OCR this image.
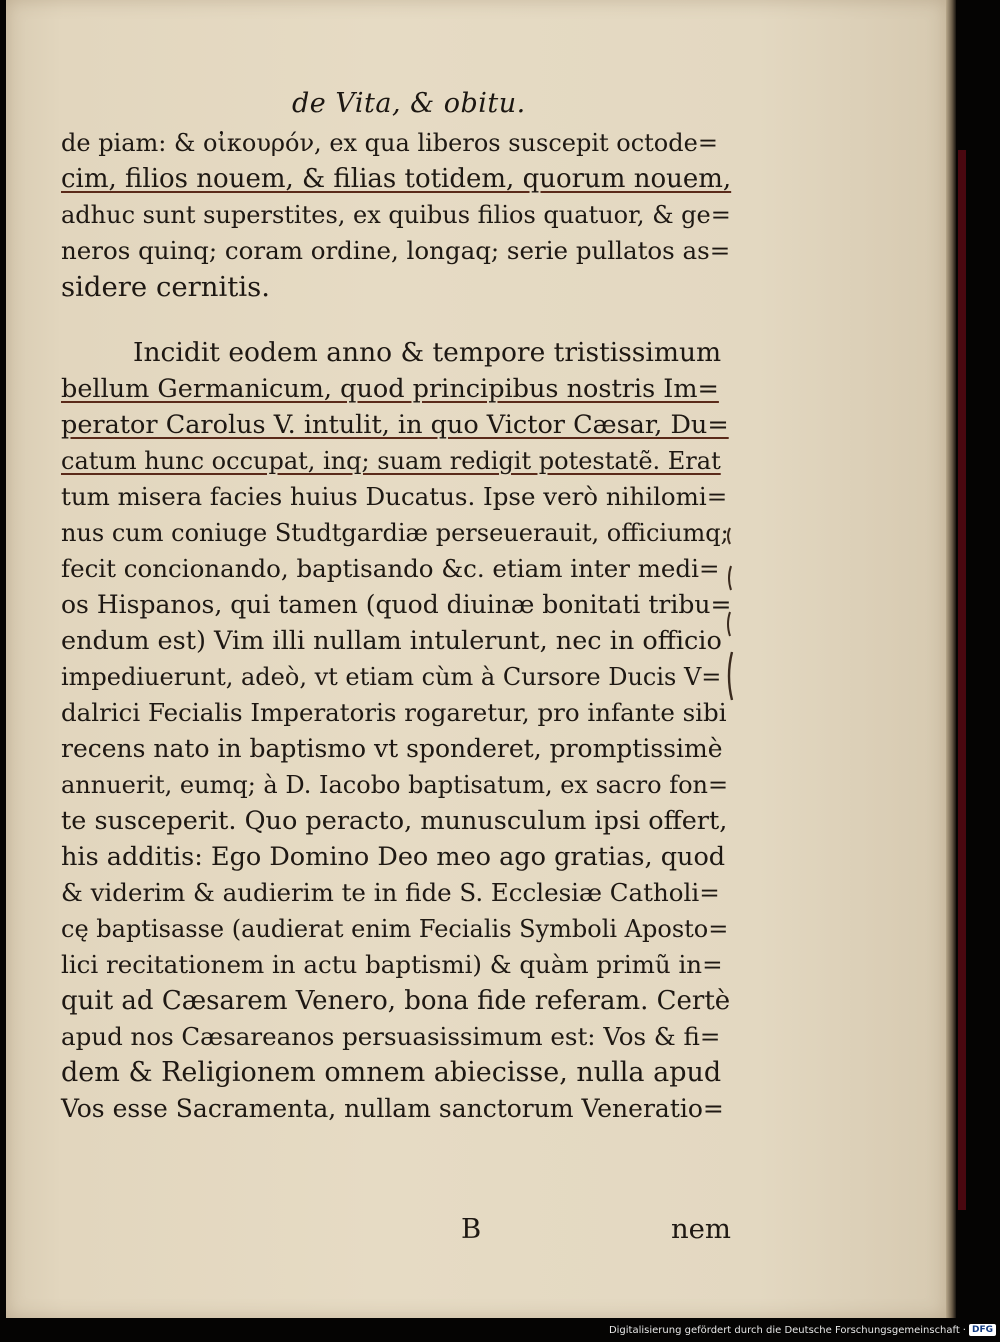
de Vita, & obitu.
de piam: & οἰκουρόν, ex qua liberos suscepit octode=
cim, filios nouem, & filias totidem, quorum nouem,
adhuc sunt superstites, ex quibus filios quatuor, & ge=
neros quinq; coram ordine, longaq; serie pullatos as=
sidere cernitis.
Incidit eodem anno & tempore tristissimum
bellum Germanicum, quod principibus nostris Im=
perator Carolus V. intulit, in quo Victor Cæsar, Du=
catum hunc occupat, inq; suam redigit potestatẽ. Erat
tum misera facies huius Ducatus. Ipse verò nihilomi=
nus cum coniuge Studtgardiæ perseuerauit, officiumq;
fecit concionando, baptisando &c. etiam inter medi=
os Hispanos, qui tamen (quod diuinæ bonitati tribu=
endum est) Vim illi nullam intulerunt, nec in officio
impediuerunt, adeò, vt etiam cùm à Cursore Ducis V=
dalrici Fecialis Imperatoris rogaretur, pro infante sibi
recens nato in baptismo vt sponderet, promptissimè
annuerit, eumq; à D. Iacobo baptisatum, ex sacro fon=
te susceperit. Quo peracto, munusculum ipsi offert,
his additis: Ego Domino Deo meo ago gratias, quod
& viderim & audierim te in fide S. Ecclesiæ Catholi=
cę baptisasse (audierat enim Fecialis Symboli Aposto=
lici recitationem in actu baptismi) & quàm primũ in=
quit ad Cæsarem Venero, bona fide referam. Certè
apud nos Cæsareanos persuasissimum est: Vos & fi=
dem & Religionem omnem abiecisse, nulla apud
Vos esse Sacramenta, nullam sanctorum Veneratio=
B	nem
Digitalisierung gefördert durch die Deutsche Forschungsgemeinschaft · DFG
